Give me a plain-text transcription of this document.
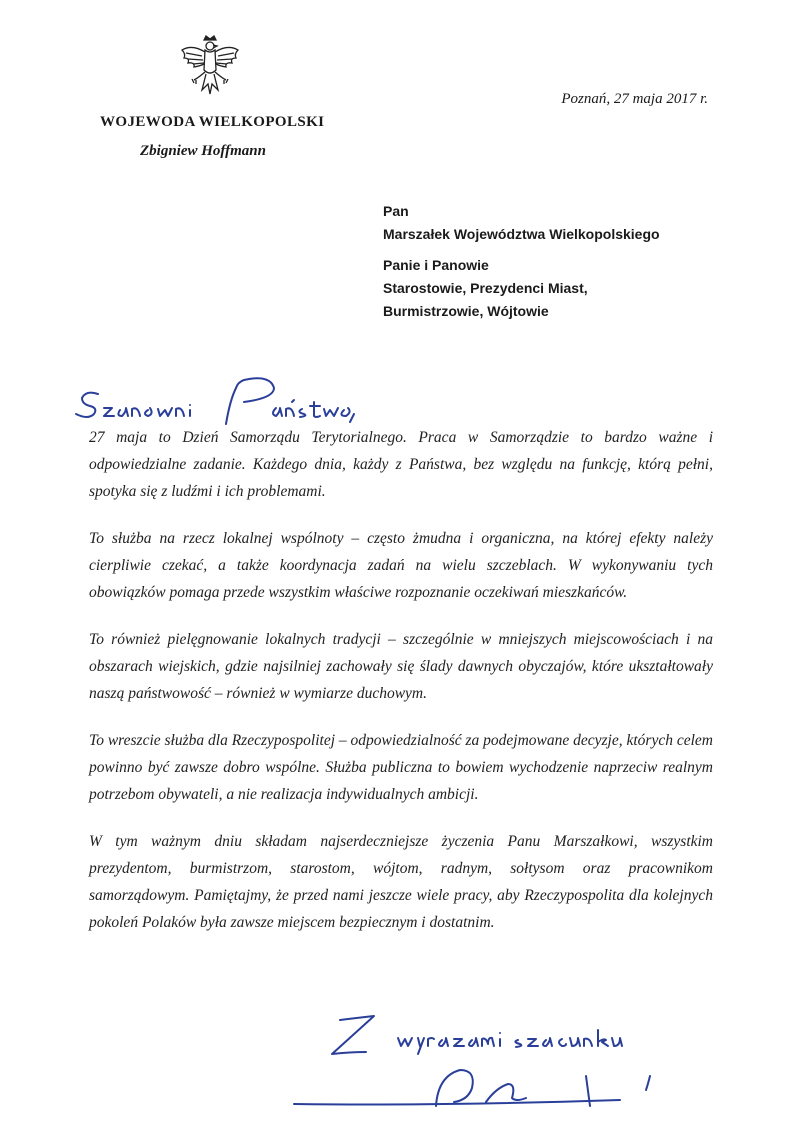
WOJEWODA WIELKOPOLSKI
Zbigniew Hoffmann
Poznań, 27 maja 2017 r.
Pan
Marszałek Województwa Wielkopolskiego
Panie i Panowie
Starostowie, Prezydenci Miast,
Burmistrzowie, Wójtowie

27 maja to Dzień Samorządu Terytorialnego. Praca w Samorządzie to bardzo ważne i odpowiedzialne zadanie. Każdego dnia, każdy z Państwa, bez względu na funkcję, którą pełni, spotyka się z ludźmi i ich problemami.

To służba na rzecz lokalnej wspólnoty – często żmudna i organiczna, na której efekty należy cierpliwie czekać, a także koordynacja zadań na wielu szczeblach. W wykonywaniu tych obowiązków pomaga przede wszystkim właściwe rozpoznanie oczekiwań mieszkańców.

To również pielęgnowanie lokalnych tradycji – szczególnie w mniejszych miejscowościach i na obszarach wiejskich, gdzie najsilniej zachowały się ślady dawnych obyczajów, które ukształtowały naszą państwowość – również w wymiarze duchowym.

To wreszcie służba dla Rzeczypospolitej – odpowiedzialność za podejmowane decyzje, których celem powinno być zawsze dobro wspólne. Służba publiczna to bowiem wychodzenie naprzeciw realnym potrzebom obywateli, a nie realizacja indywidualnych ambicji.

W tym ważnym dniu składam najserdeczniejsze życzenia Panu Marszałkowi, wszystkim prezydentom, burmistrzom, starostom, wójtom, radnym, sołtysom oraz pracownikom samorządowym. Pamiętajmy, że przed nami jeszcze wiele pracy, aby Rzeczypospolita dla kolejnych pokoleń Polaków była zawsze miejscem bezpiecznym i dostatnim.
